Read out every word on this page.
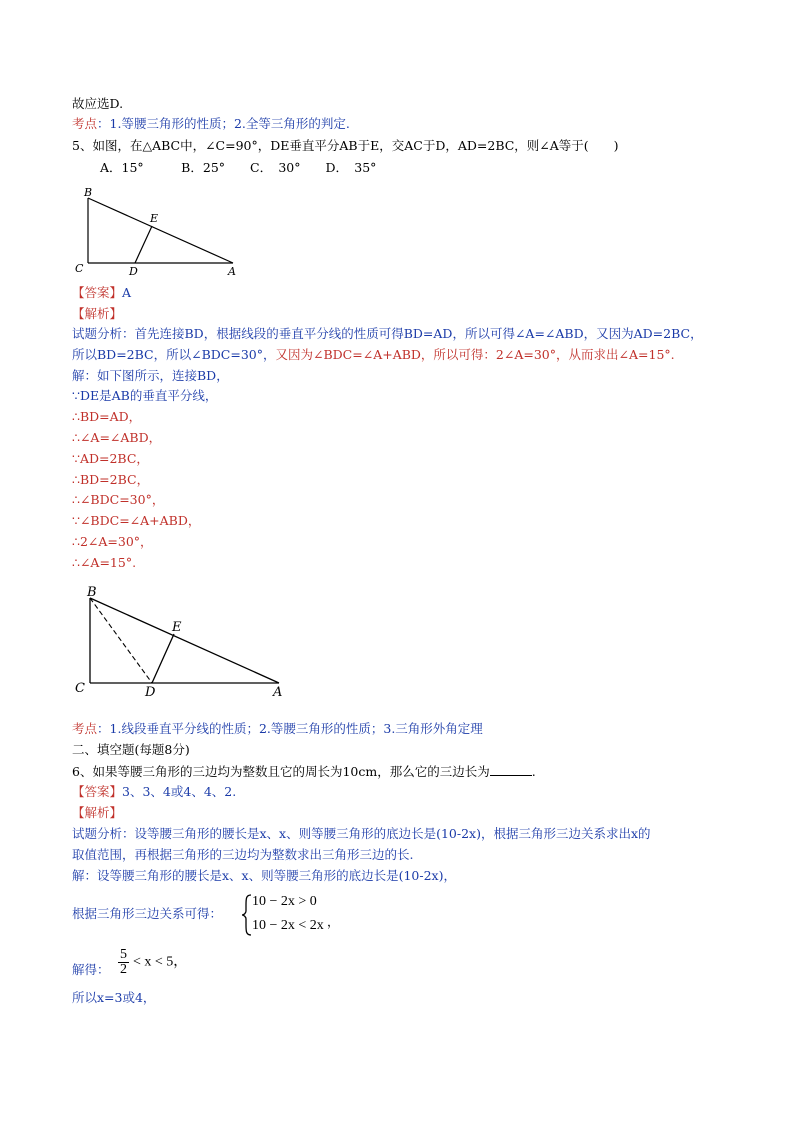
故应选D.
考点：1.等腰三角形的性质；2.全等三角形的判定.
5、如图，在△ABC中，∠C=90°，DE垂直平分AB于E，交AC于D，AD=2BC，则∠A等于(　　)
A．15°　　　B．25°　　C．　30°　　D．　35°
B
E
C	D	A
【答案】A
【解析】
试题分析：首先连接BD，根据线段的垂直平分线的性质可得BD=AD，所以可得∠A=∠ABD，又因为AD=2BC，
所以BD=2BC，所以∠BDC=30°，又因为∠BDC=∠A+ABD，所以可得：2∠A=30°，从而求出∠A=15°.
解：如下图所示，连接BD，
∵DE是AB的垂直平分线，
∴BD=AD，
∴∠A=∠ABD，
∵AD=2BC，
∴BD=2BC，
∴∠BDC=30°，
∵∠BDC=∠A+ABD，
∴2∠A=30°，
∴∠A=15°.
B
E
C	D	A
考点：1.线段垂直平分线的性质；2.等腰三角形的性质；3.三角形外角定理
二、填空题(每题8分)
6、如果等腰三角形的三边均为整数且它的周长为10cm，那么它的三边长为	.
【答案】3、3、4或4、4、2.
【解析】
试题分析：设等腰三角形的腰长是x、x、则等腰三角形的底边长是(10-2x)，根据三角形三边关系求出x的
取值范围，再根据三角形的三边均为整数求出三角形三边的长.
解：设等腰三角形的腰长是x、x、则等腰三角形的底边长是(10-2x)，
根据三角形三边关系可得：
10 − 2x > 0
10 − 2x < 2x ，
解得： $\frac{5}{2} < x < 5$，
所以x=3或4，
